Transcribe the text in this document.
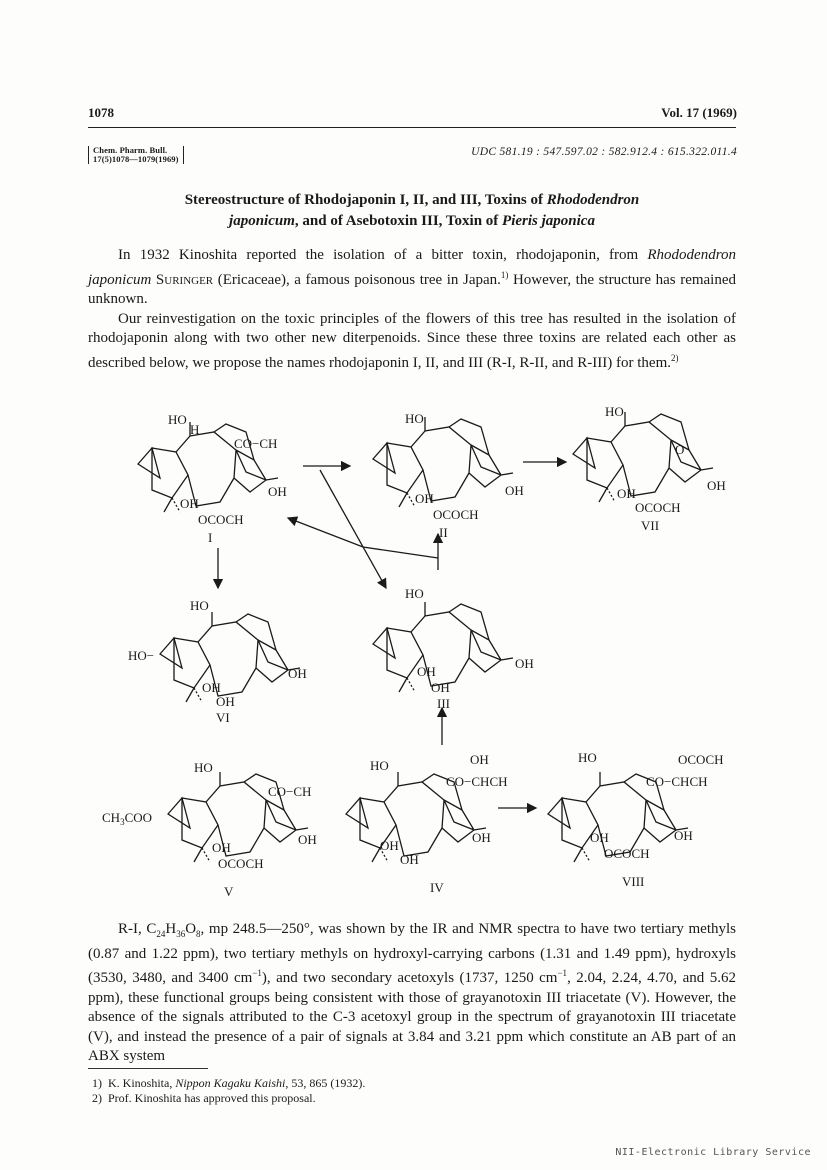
1078	Vol. 17 (1969)
Chem. Pharm. Bull.
17(5)1078—1079(1969)
UDC 581.19 : 547.597.02 : 582.912.4 : 615.322.011.4
Stereostructure of Rhodojaponin I, II, and III, Toxins of Rhododendron
japonicum, and of Asebotoxin III, Toxin of Pieris japonica

In 1932 Kinoshita reported the isolation of a bitter toxin, rhodojaponin, from Rhododendron japonicum Suringer (Ericaceae), a famous poisonous tree in Japan.$^{1)}$ However, the structure has remained unknown.

Our reinvestigation on the toxic principles of the flowers of this tree has resulted in the isolation of rhodojaponin along with two other new diterpenoids. Since these three toxins are related each other as described below, we propose the names rhodojaponin I, II, and III (R-I, R-II, and R-III) for them.$^{2)}$

HO
H
CO−CH
OH
OH
OCOCH
I
HO
OH
OH
OCOCH
II
HO
O
OH
OH
OCOCH
VII
HO
HO−
OH
OH
OH
VI
HO
OH
OH
OH
III
HO
CO−CH
$CH_3COO$
OH
OH
OCOCH
V
HO	OH
CO−CHCH
OH
OH
OH
IV
HO	OCOCH
CO−CHCH
OH
OH
OCOCH
VIII

R-I, $C_{24}H_{36}O_8$, mp 248.5—250°, was shown by the IR and NMR spectra to have two tertiary methyls (0.87 and 1.22 ppm), two tertiary methyls on hydroxyl-carrying carbons (1.31 and 1.49 ppm), hydroxyls (3530, 3480, and 3400 $cm^{-1}$), and two secondary acetoxyls (1737, 1250 $cm^{-1}$, 2.04, 2.24, 4.70, and 5.62 ppm), these functional groups being consistent with those of grayanotoxin III triacetate (V). However, the absence of the signals attributed to the C-3 acetoxyl group in the spectrum of grayanotoxin III triacetate (V), and instead the presence of a pair of signals at 3.84 and 3.21 ppm which constitute an AB part of an ABX system

1) K. Kinoshita, Nippon Kagaku Kaishi, 53, 865 (1932).
2) Prof. Kinoshita has approved this proposal.
NII-Electronic Library Service
